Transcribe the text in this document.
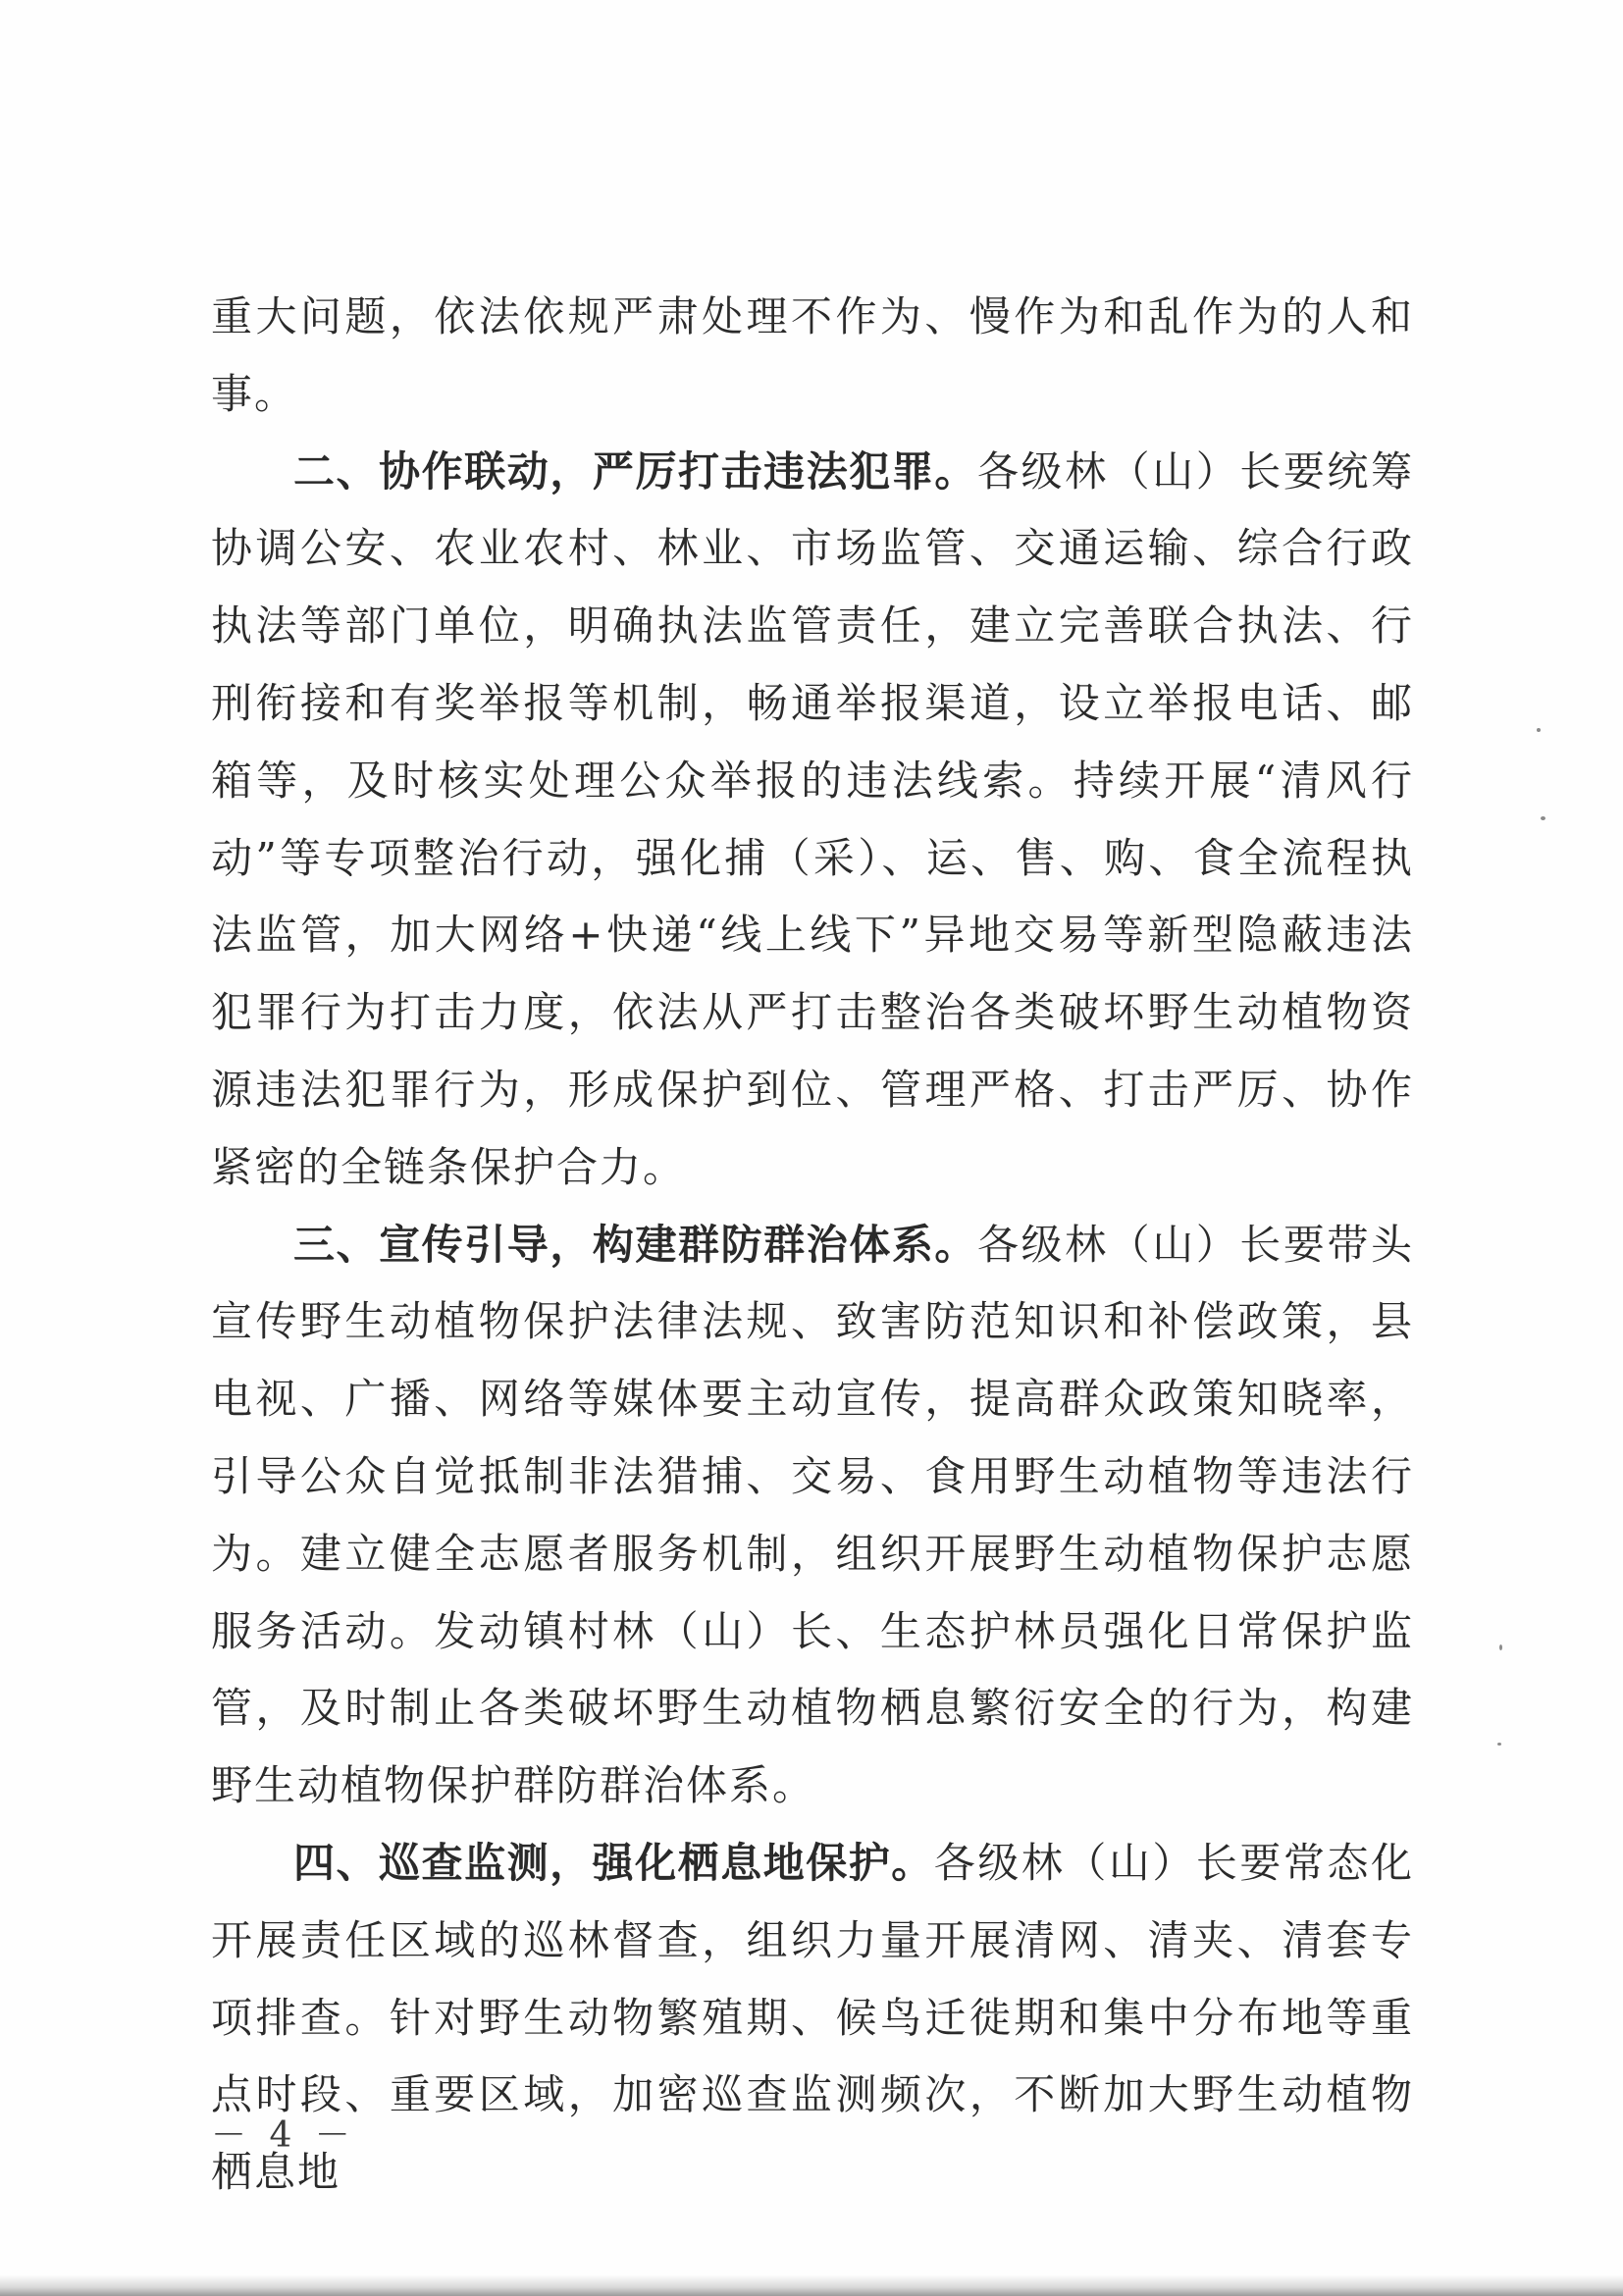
重大问题，依法依规严肃处理不作为、慢作为和乱作为的人和事。

二、协作联动，严厉打击违法犯罪。各级林（山）长要统筹协调公安、农业农村、林业、市场监管、交通运输、综合行政执法等部门单位，明确执法监管责任，建立完善联合执法、行刑衔接和有奖举报等机制，畅通举报渠道，设立举报电话、邮箱等，及时核实处理公众举报的违法线索。持续开展“清风行动”等专项整治行动，强化捕（采）、运、售、购、食全流程执法监管，加大网络+快递“线上线下”异地交易等新型隐蔽违法犯罪行为打击力度，依法从严打击整治各类破坏野生动植物资源违法犯罪行为，形成保护到位、管理严格、打击严厉、协作紧密的全链条保护合力。

三、宣传引导，构建群防群治体系。各级林（山）长要带头宣传野生动植物保护法律法规、致害防范知识和补偿政策，县电视、广播、网络等媒体要主动宣传，提高群众政策知晓率，引导公众自觉抵制非法猎捕、交易、食用野生动植物等违法行为。建立健全志愿者服务机制，组织开展野生动植物保护志愿服务活动。发动镇村林（山）长、生态护林员强化日常保护监管，及时制止各类破坏野生动植物栖息繁衍安全的行为，构建野生动植物保护群防群治体系。

四、巡查监测，强化栖息地保护。各级林（山）长要常态化开展责任区域的巡林督查，组织力量开展清网、清夹、清套专项排查。针对野生动物繁殖期、候鸟迁徙期和集中分布地等重点时段、重要区域，加密巡查监测频次，不断加大野生动植物栖息地

－ 4 －
